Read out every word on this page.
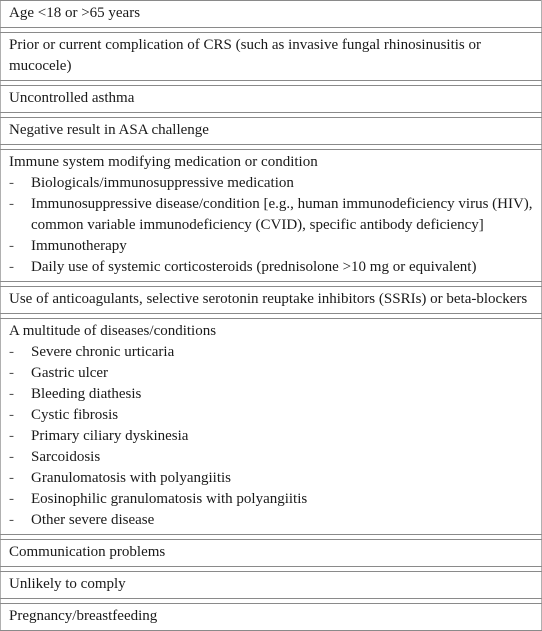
Age <18 or >65 years

Prior or current complication of CRS (such as invasive fungal rhinosinusitis or mucocele)

Uncontrolled asthma

Negative result in ASA challenge

Immune system modifying medication or condition
-	Biologicals/immunosuppressive medication
-	Immunosuppressive disease/condition [e.g., human immunodeficiency virus (HIV), common variable immunodeficiency (CVID), specific antibody deficiency]
-	Immunotherapy
-	Daily use of systemic corticosteroids (prednisolone >10 mg or equivalent)

Use of anticoagulants, selective serotonin reuptake inhibitors (SSRIs) or beta-blockers

A multitude of diseases/conditions
-	Severe chronic urticaria
-	Gastric ulcer
-	Bleeding diathesis
-	Cystic fibrosis
-	Primary ciliary dyskinesia
-	Sarcoidosis
-	Granulomatosis with polyangiitis
-	Eosinophilic granulomatosis with polyangiitis
-	Other severe disease

Communication problems

Unlikely to comply

Pregnancy/breastfeeding
